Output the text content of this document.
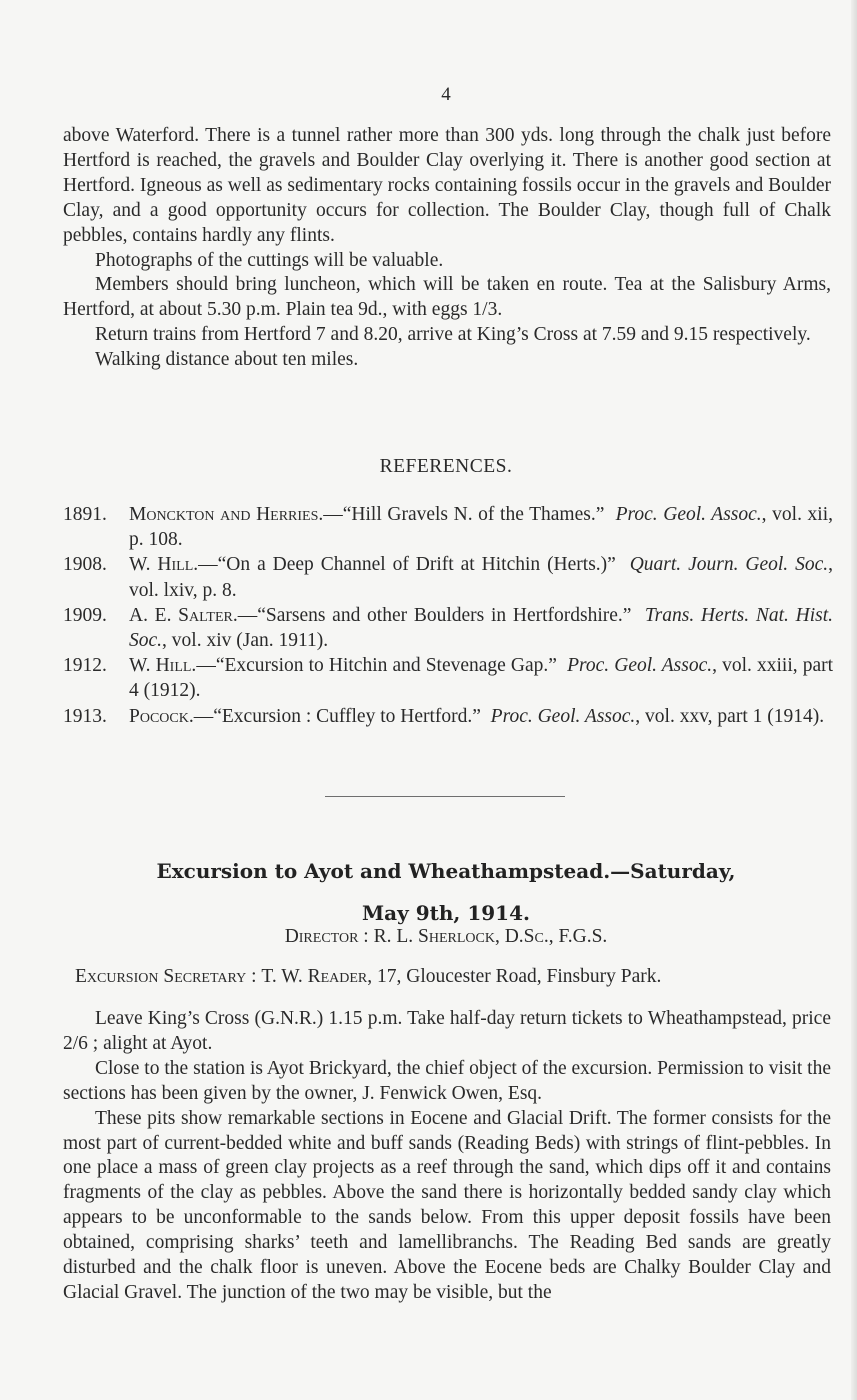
4

above Waterford. There is a tunnel rather more than 300 yds. long through the chalk just before Hertford is reached, the gravels and Boulder Clay overlying it. There is another good section at Hertford. Igneous as well as sedimentary rocks containing fossils occur in the gravels and Boulder Clay, and a good opportunity occurs for collection. The Boulder Clay, though full of Chalk pebbles, contains hardly any flints.

Photographs of the cuttings will be valuable.

Members should bring luncheon, which will be taken en route. Tea at the Salisbury Arms, Hertford, at about 5.30 p.m. Plain tea 9d., with eggs 1/3.

Return trains from Hertford 7 and 8.20, arrive at King’s Cross at 7.59 and 9.15 respectively.

Walking distance about ten miles.

REFERENCES.
1891.	Monckton and Herries.—“Hill Gravels N. of the Thames.” Proc. Geol. Assoc., vol. xii, p. 108.
1908.	W. Hill.—“On a Deep Channel of Drift at Hitchin (Herts.)” Quart. Journ. Geol. Soc., vol. lxiv, p. 8.
1909.	A. E. Salter.—“Sarsens and other Boulders in Hertfordshire.” Trans. Herts. Nat. Hist. Soc., vol. xiv (Jan. 1911).
1912.	W. Hill.—“Excursion to Hitchin and Stevenage Gap.” Proc. Geol. Assoc., vol. xxiii, part 4 (1912).
1913.	Pocock.—“Excursion : Cuffley to Hertford.” Proc. Geol. Assoc., vol. xxv, part 1 (1914).
Excursion to Ayot and Wheathampstead.—Saturday,
May 9th, 1914.
Director : R. L. Sherlock, D.Sc., F.G.S.
Excursion Secretary : T. W. Reader, 17, Gloucester Road, Finsbury Park.

Leave King’s Cross (G.N.R.) 1.15 p.m. Take half-day return tickets to Wheathampstead, price 2/6 ; alight at Ayot.

Close to the station is Ayot Brickyard, the chief object of the excursion. Permission to visit the sections has been given by the owner, J. Fenwick Owen, Esq.

These pits show remarkable sections in Eocene and Glacial Drift. The former consists for the most part of current-bedded white and buff sands (Reading Beds) with strings of flint-pebbles. In one place a mass of green clay projects as a reef through the sand, which dips off it and contains fragments of the clay as pebbles. Above the sand there is horizontally bedded sandy clay which appears to be unconformable to the sands below. From this upper deposit fossils have been obtained, comprising sharks’ teeth and lamellibranchs. The Reading Bed sands are greatly disturbed and the chalk floor is uneven. Above the Eocene beds are Chalky Boulder Clay and Glacial Gravel. The junction of the two may be visible, but the
